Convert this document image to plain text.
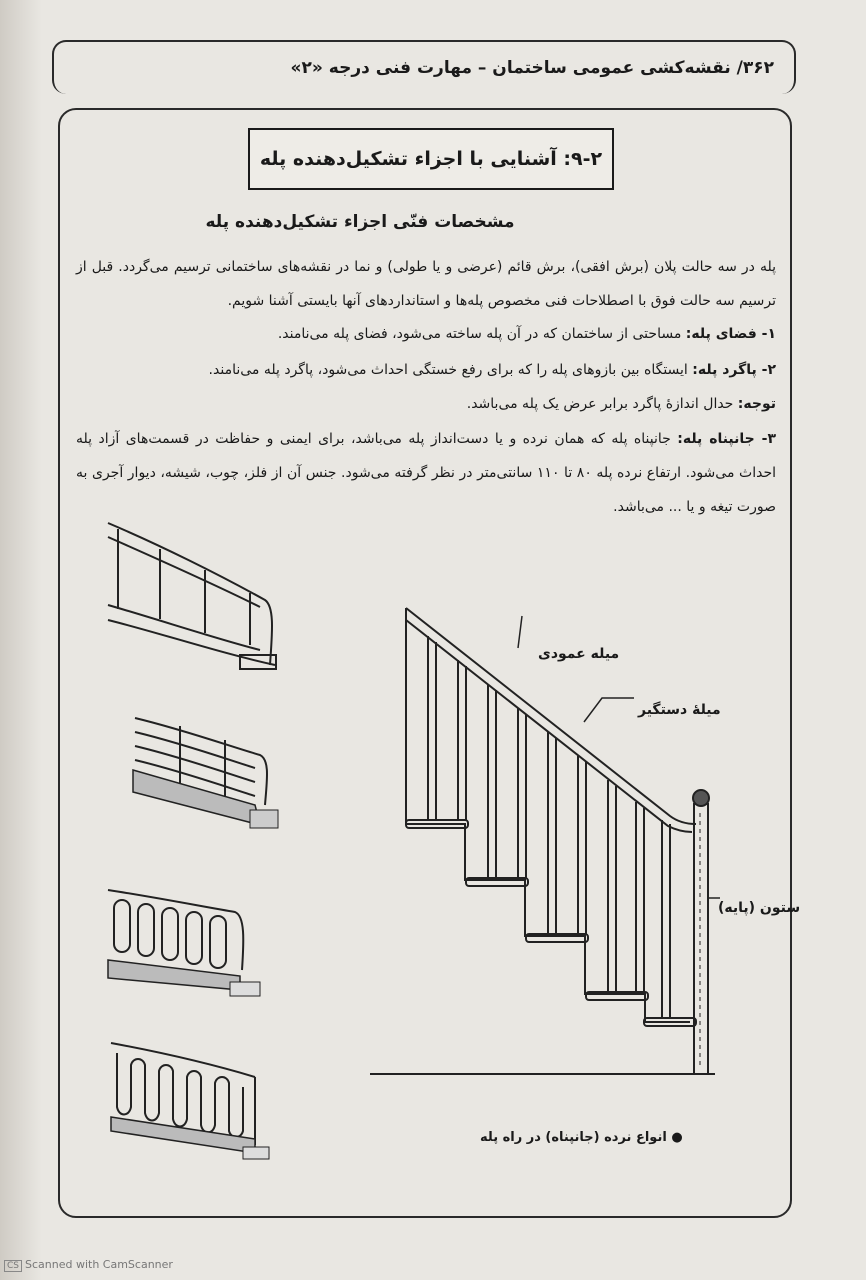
۳۶۲/ نقشه‌کشی عمومی ساختمان – مهارت فنی درجه «۲»
۹-۲: آشنایی با اجزاء تشکیل‌دهنده پله
مشخصات فنّی اجزاء تشکیل‌دهنده پله
پله در سه حالت پلان (برش افقی)، برش قائم (عرضی و یا طولی) و نما در نقشه‌های ساختمانی ترسیم می‌گردد. قبل از ترسیم سه حالت فوق با اصطلاحات فنی مخصوص پله‌ها و استانداردهای آنها بایستی آشنا شویم.
۱- فضای پله: مساحتی از ساختمان که در آن پله ساخته می‌شود، فضای پله می‌نامند.
۲- پاگرد پله: ایستگاه بین بازوهای پله را که برای رفع خستگی احداث می‌شود، پاگرد پله می‌نامند.
توجه: حدال اندازهٔ پاگرد برابر عرض یک پله می‌باشد.
۳- جانپناه پله: جانپناه پله که همان نرده و یا دست‌انداز پله می‌باشد، برای ایمنی و حفاظت در قسمت‌های آزاد پله احداث می‌شود. ارتفاع نرده پله ۸۰ تا ۱۱۰ سانتی‌متر در نظر گرفته می‌شود. جنس آن از فلز، چوب، شیشه، دیوار آجری به صورت تیغه و یا ... می‌باشد.
میله عمودی
میلهٔ دستگیر
ستون (پایه)
● انواع نرده (جانپناه) در راه پله
CS Scanned with CamScanner
